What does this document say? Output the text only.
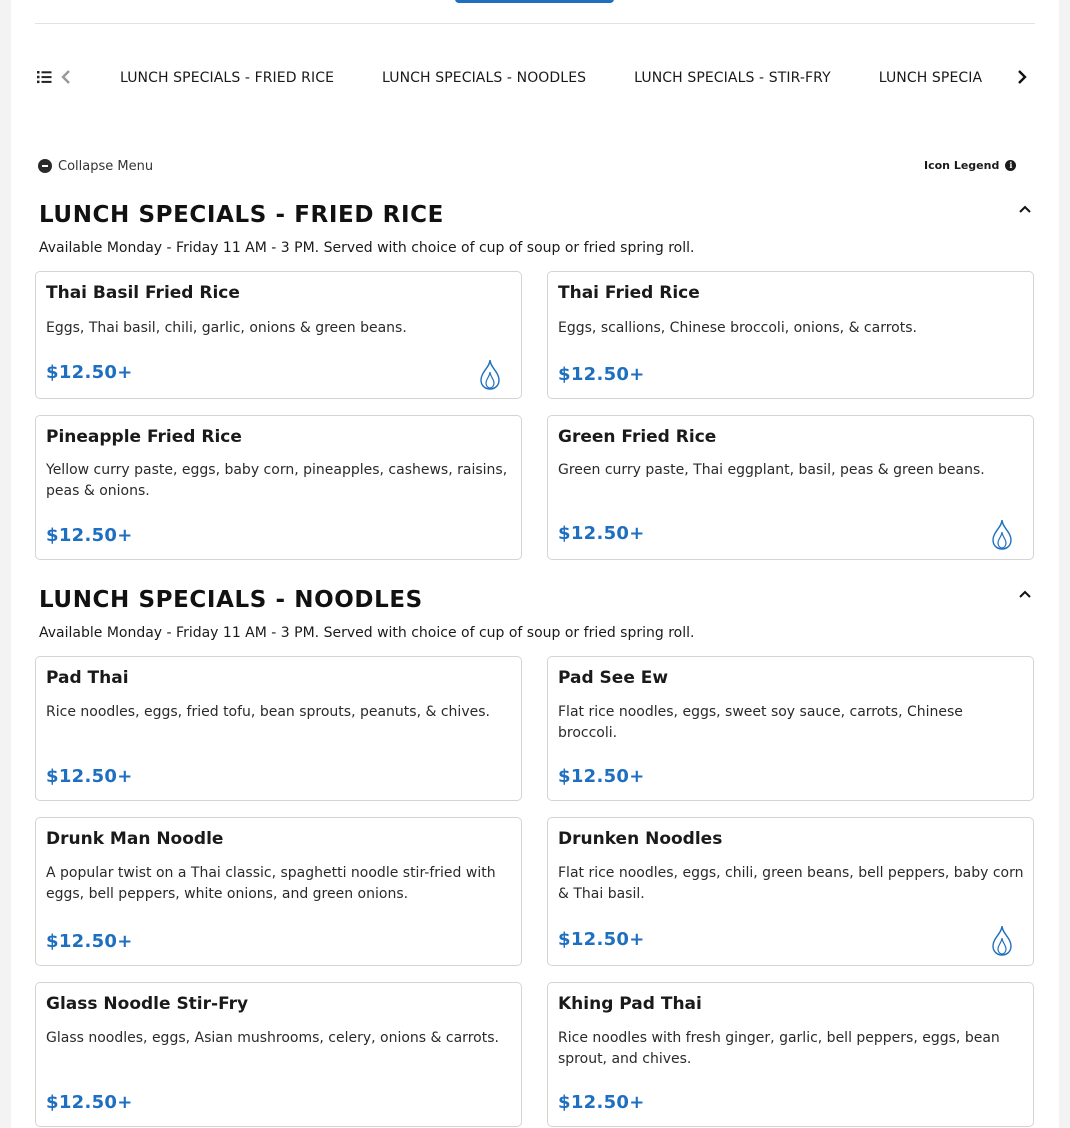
LUNCH SPECIALS - FRIED RICE	LUNCH SPECIALS - NOODLES	LUNCH SPECIALS - STIR-FRY	LUNCH SPECIA
Collapse Menu	Icon Legend	i
LUNCH SPECIALS - FRIED RICE

Available Monday - Friday 11 AM - 3 PM. Served with choice of cup of soup or fried spring roll.

Thai Basil Fried Rice
Eggs, Thai basil, chili, garlic, onions & green beans.
$12.50+
Thai Fried Rice
Eggs, scallions, Chinese broccoli, onions, & carrots.
$12.50+
Pineapple Fried Rice
Yellow curry paste, eggs, baby corn, pineapples, cashews, raisins, peas & onions.
$12.50+
Green Fried Rice
Green curry paste, Thai eggplant, basil, peas & green beans.
$12.50+
LUNCH SPECIALS - NOODLES

Available Monday - Friday 11 AM - 3 PM. Served with choice of cup of soup or fried spring roll.

Pad Thai
Rice noodles, eggs, fried tofu, bean sprouts, peanuts, & chives.
$12.50+
Pad See Ew
Flat rice noodles, eggs, sweet soy sauce, carrots, Chinese broccoli.
$12.50+
Drunk Man Noodle
A popular twist on a Thai classic, spaghetti noodle stir-fried with eggs, bell peppers, white onions, and green onions.
$12.50+
Drunken Noodles
Flat rice noodles, eggs, chili, green beans, bell peppers, baby corn & Thai basil.
$12.50+
Glass Noodle Stir-Fry
Glass noodles, eggs, Asian mushrooms, celery, onions & carrots.
$12.50+
Khing Pad Thai
Rice noodles with fresh ginger, garlic, bell peppers, eggs, bean sprout, and chives.
$12.50+
